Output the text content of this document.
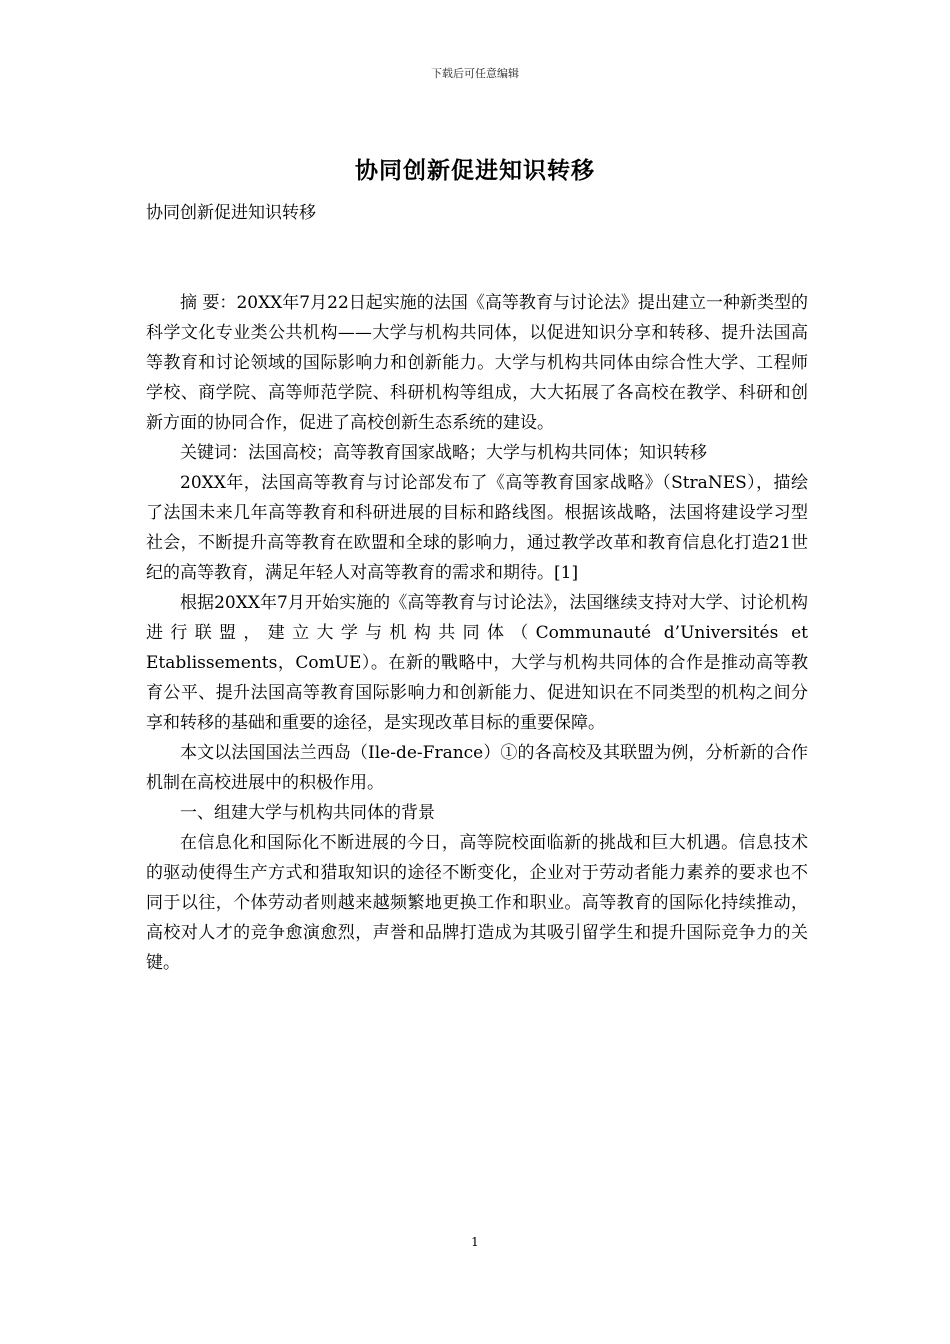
下载后可任意编辑
协同创新促进知识转移

协同创新促进知识转移

摘 要：20XX年7月22日起实施的法国《高等教育与讨论法》提出建立一种新类型的科学文化专业类公共机构——大学与机构共同体，以促进知识分享和转移、提升法国高等教育和讨论领域的国际影响力和创新能力。大学与机构共同体由综合性大学、工程师学校、商学院、高等师范学院、科研机构等组成，大大拓展了各高校在教学、科研和创新方面的协同合作，促进了高校创新生态系统的建设。

关键词：法国高校；高等教育国家战略；大学与机构共同体；知识转移

20XX年，法国高等教育与讨论部发布了《高等教育国家战略》（StraNES），描绘了法国未来几年高等教育和科研进展的目标和路线图。根据该战略，法国将建设学习型社会，不断提升高等教育在欧盟和全球的影响力，通过教学改革和教育信息化打造21世纪的高等教育，满足年轻人对高等教育的需求和期待。[1]

根据20XX年7月开始实施的《高等教育与讨论法》，法国继续支持对大学、讨论机构进行联盟，建立大学与机构共同体（Communauté d’Universités et Etablissements，ComUE）。在新的戰略中，大学与机构共同体的合作是推动高等教育公平、提升法国高等教育国际影响力和创新能力、促进知识在不同类型的机构之间分享和转移的基础和重要的途径，是实现改革目标的重要保障。

本文以法国国法兰西岛（Ile-de-France）①的各高校及其联盟为例，分析新的合作机制在高校进展中的积极作用。

一、组建大学与机构共同体的背景

在信息化和国际化不断进展的今日，高等院校面临新的挑战和巨大机遇。信息技术的驱动使得生产方式和猎取知识的途径不断变化，企业对于劳动者能力素养的要求也不同于以往，个体劳动者则越来越频繁地更换工作和职业。高等教育的国际化持续推动，高校对人才的竞争愈演愈烈，声誉和品牌打造成为其吸引留学生和提升国际竞争力的关键。

1
